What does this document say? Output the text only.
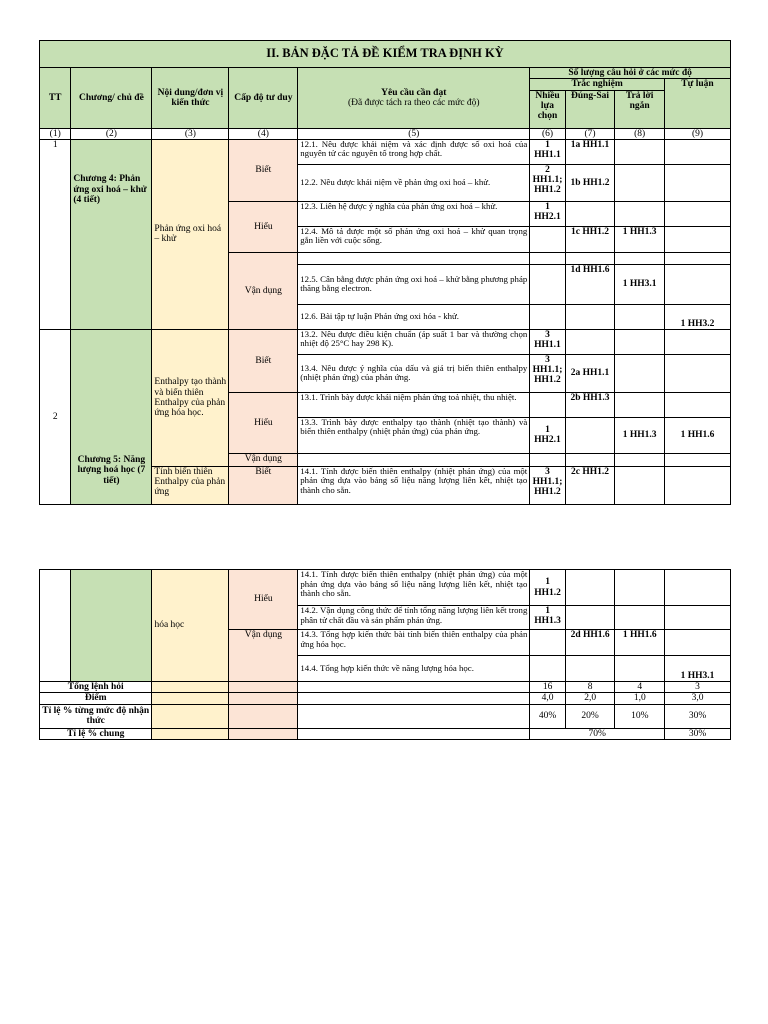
II. BẢN ĐẶC TẢ ĐỀ KIỂM TRA ĐỊNH KỲ								
TT	Chương/ chủ đề	Nội dung/đơn vị kiến thức	Cấp độ tư duy	Yêu cầu cần đạt
(Đã được tách ra theo các mức độ)	Số lượng câu hỏi ở các mức độ			
					Trắc nghiệm			Tự luận
					Nhiều lựa chọn	Đúng-Sai	Trả lời ngắn	
(1)	(2)	(3)	(4)	(5)	(6)	(7)	(8)	(9)
1	Chương 4: Phản ứng oxi hoá – khử (4 tiết)	Phản ứng oxi hoá – khử	Biết	12.1. Nêu được khái niệm và xác định được số oxi hoá của nguyên tử các nguyên tố trong hợp chất.	1 HH1.1	1a HH1.1		
				12.2. Nêu được khái niệm về phản ứng oxi hoá – khử.	2 HH1.1; HH1.2	1b HH1.2		
			Hiểu	12.3. Liên hệ được ý nghĩa của phản ứng oxi hoá – khử.	1 HH2.1			
				12.4. Mô tả được một số phản ứng oxi hoá – khử quan trọng gắn liền với cuộc sống.		1c HH1.2	1 HH1.3	
			Vận dụng					
				12.5. Cân bằng được phản ứng oxi hoá – khử bằng phương pháp thăng bằng electron.		1d HH1.6	1 HH3.1	
				12.6. Bài tập tự luận Phản ứng oxi hóa - khử.				1 HH3.2
2	Chương 5: Năng lượng hoá học (7 tiết)	Enthalpy tạo thành và biến thiên Enthalpy của phản ứng hóa học.	Biết	13.2. Nêu được điều kiện chuẩn (áp suất 1 bar và thường chọn nhiệt độ 25°C hay 298 K).	3 HH1.1			
				13.4. Nêu được ý nghĩa của dấu và giá trị biến thiên enthalpy (nhiệt phản ứng) của phản ứng.	3 HH1.1; HH1.2	2a HH1.1		
			Hiểu	13.1. Trình bày được khái niệm phản ứng toả nhiệt, thu nhiệt.		2b HH1.3		
				13.3. Trình bày được enthalpy tạo thành (nhiệt tạo thành) và biến thiên enthalpy (nhiệt phản ứng) của phản ứng.	1 HH2.1		1 HH1.3	1 HH1.6
			Vận dụng					
		Tính biến thiên Enthalpy của phản ứng	Biết	14.1. Tính được biến thiên enthalpy (nhiệt phản ứng) của một phản ứng dựa vào bảng số liệu năng lượng liên kết, nhiệt tạo thành cho sẵn.	3 HH1.1; HH1.2	2c HH1.2		
		hóa học	Hiểu	14.1. Tính được biến thiên enthalpy (nhiệt phản ứng) của một phản ứng dựa vào bảng số liệu năng lượng liên kết, nhiệt tạo thành cho sẵn.	1 HH1.2			
				14.2. Vận dụng công thức để tính tổng năng lượng liên kết trong phân tử chất đầu và sản phẩm phản ứng.	1 HH1.3			
			Vận dụng	14.3. Tổng hợp kiến thức bài tính biến thiên enthalpy của phản ứng hóa học.		2d HH1.6	1 HH1.6	
				14.4. Tổng hợp kiến thức về năng lượng hóa học.				1 HH3.1
Tổng lệnh hỏi					16	8	4	3
Điểm					4,0	2,0	1,0	3,0
Tỉ lệ % từng mức độ nhận thức					40%	20%	10%	30%
Tỉ lệ % chung					70%			30%
